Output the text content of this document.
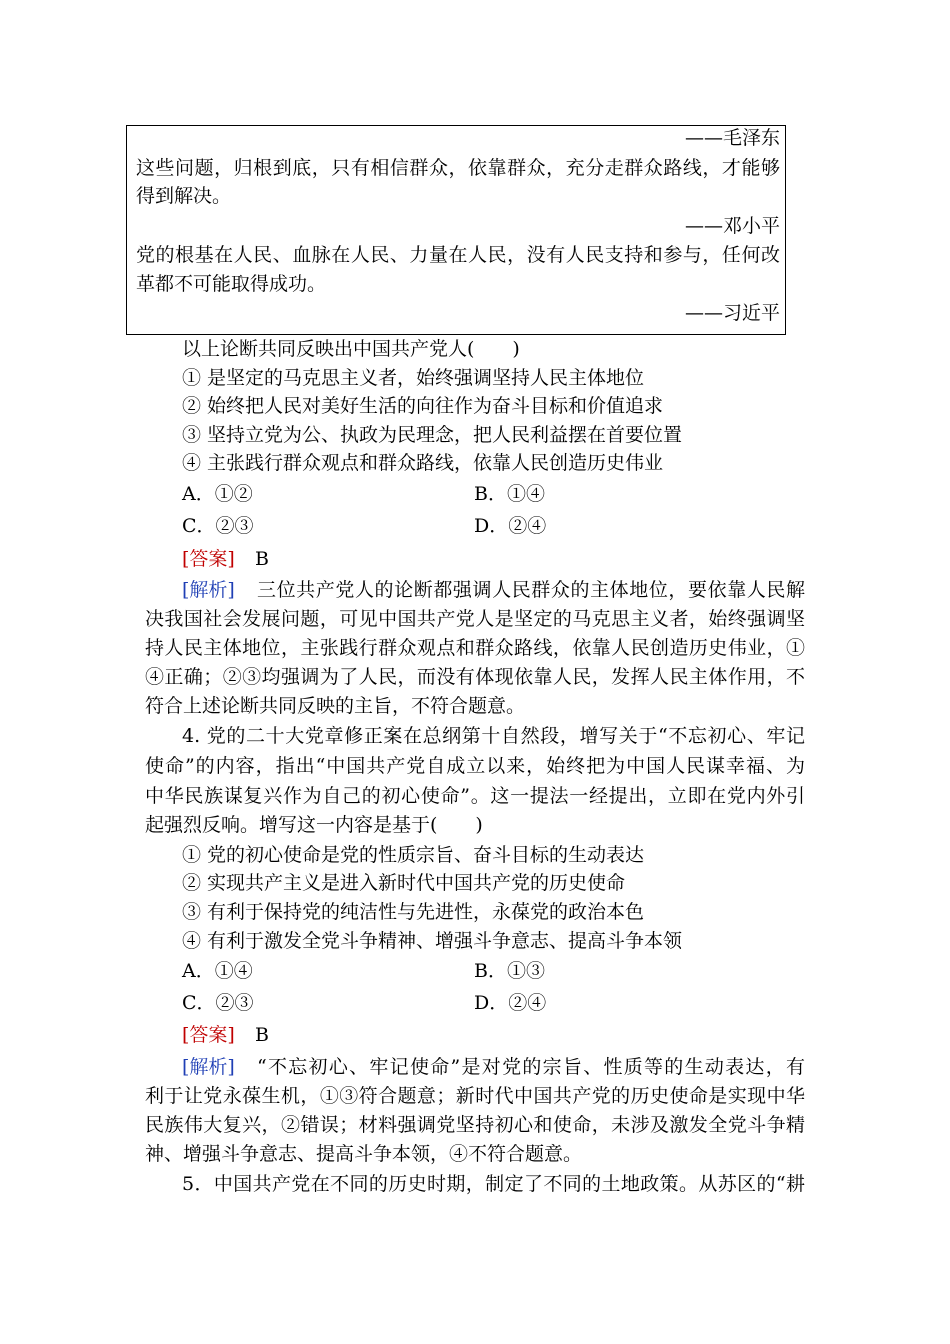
——毛泽东
这些问题，归根到底，只有相信群众，依靠群众，充分走群众路线，才能够
得到解决。
——邓小平
党的根基在人民、血脉在人民、力量在人民，没有人民支持和参与，任何改
革都不可能取得成功。
——习近平
以上论断共同反映出中国共产党人(　　)
① 是坚定的马克思主义者，始终强调坚持人民主体地位
② 始终把人民对美好生活的向往作为奋斗目标和价值追求
③ 坚持立党为公、执政为民理念，把人民利益摆在首要位置
④ 主张践行群众观点和群众路线，依靠人民创造历史伟业
A．①②	B．①④
C．②③	D．②④
[答案] B
[解析] 三位共产党人的论断都强调人民群众的主体地位，要依靠人民解
决我国社会发展问题，可见中国共产党人是坚定的马克思主义者，始终强调坚
持人民主体地位，主张践行群众观点和群众路线，依靠人民创造历史伟业，①
④正确；②③均强调为了人民，而没有体现依靠人民，发挥人民主体作用，不
符合上述论断共同反映的主旨，不符合题意。
4. 党的二十大党章修正案在总纲第十自然段，增写关于“不忘初心、牢记
使命”的内容，指出“中国共产党自成立以来，始终把为中国人民谋幸福、为
中华民族谋复兴作为自己的初心使命”。这一提法一经提出，立即在党内外引
起强烈反响。增写这一内容是基于(　　)
① 党的初心使命是党的性质宗旨、奋斗目标的生动表达
② 实现共产主义是进入新时代中国共产党的历史使命
③ 有利于保持党的纯洁性与先进性，永葆党的政治本色
④ 有利于激发全党斗争精神、增强斗争意志、提高斗争本领
A．①④	B．①③
C．②③	D．②④
[答案] B
[解析] “不忘初心、牢记使命”是对党的宗旨、性质等的生动表达，有
利于让党永葆生机，①③符合题意；新时代中国共产党的历史使命是实现中华
民族伟大复兴，②错误；材料强调党坚持初心和使命，未涉及激发全党斗争精
神、增强斗争意志、提高斗争本领，④不符合题意。
5．中国共产党在不同的历史时期，制定了不同的土地政策。从苏区的“耕
